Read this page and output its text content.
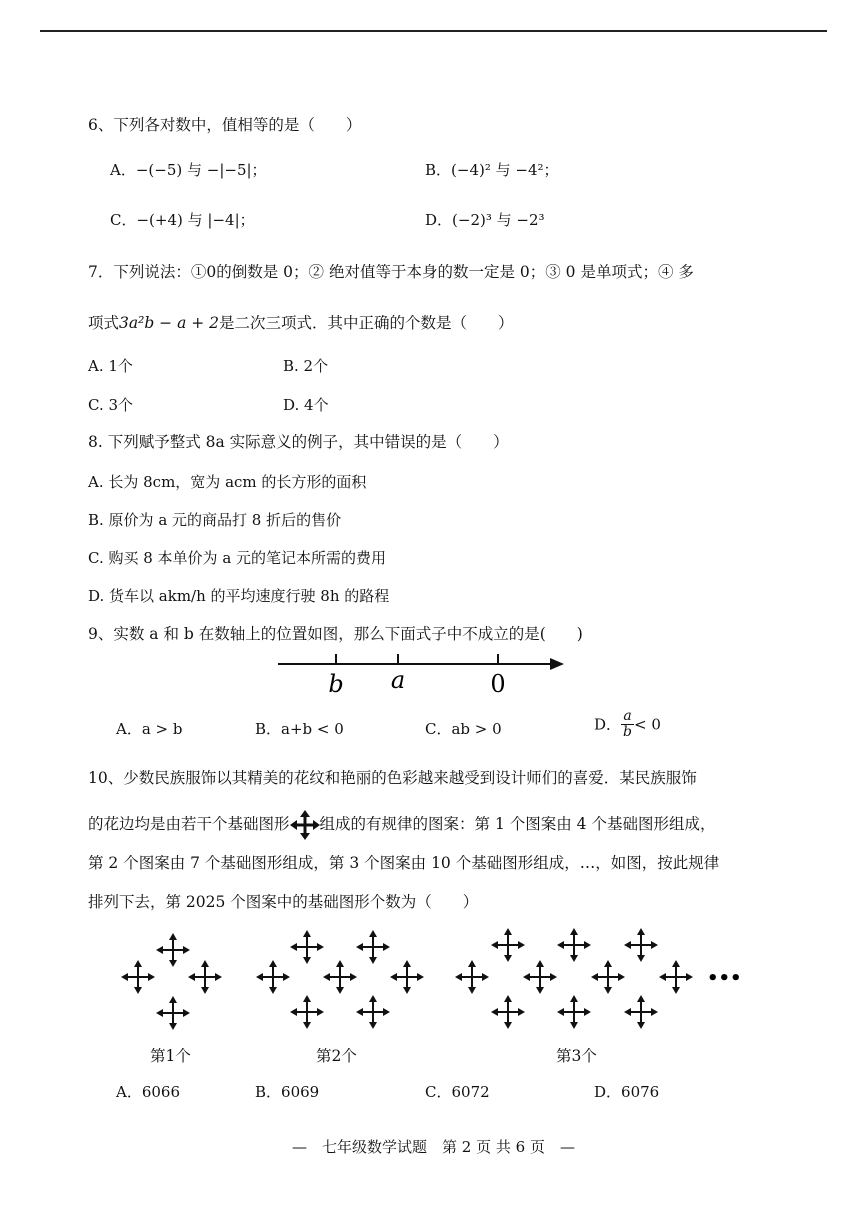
6、下列各对数中，值相等的是（　　）
A．−(−5) 与 −|−5|；	B．(−4)² 与 −4²；
C．−(+4) 与 |−4|；	D．(−2)³ 与 −2³
7．下列说法：①0的倒数是 0；② 绝对值等于本身的数一定是 0；③ 0 是单项式；④ 多
项式3a²b − a + 2是二次三项式．其中正确的个数是（　　）
A. 1个	B. 2个
C. 3个	D. 4个
8. 下列赋予整式 8a 实际意义的例子，其中错误的是（　　）
A. 长为 8cm，宽为 acm 的长方形的面积
B. 原价为 a 元的商品打 8 折后的售价
C. 购买 8 本单价为 a 元的笔记本所需的费用
D. 货车以 akm/h 的平均速度行驶 8h 的路程
9、实数 a 和 b 在数轴上的位置如图，那么下面式子中不成立的是(　　)
b a	0
A．a > b	B．a+b < 0	C．ab > 0	D． $\frac{a}{b} < 0$
10、少数民族服饰以其精美的花纹和艳丽的色彩越来越受到设计师们的喜爱．某民族服饰
的花边均是由若干个基础图形 组成的有规律的图案：第 1 个图案由 4 个基础图形组成，
第 2 个图案由 7 个基础图形组成，第 3 个图案由 10 个基础图形组成，…，如图，按此规律
排列下去，第 2025 个图案中的基础图形个数为（　　）
•••
第1个	第2个	第3个
A．6066	B．6069	C．6072	D．6076
—　七年级数学试题　第 2 页 共 6 页　—
